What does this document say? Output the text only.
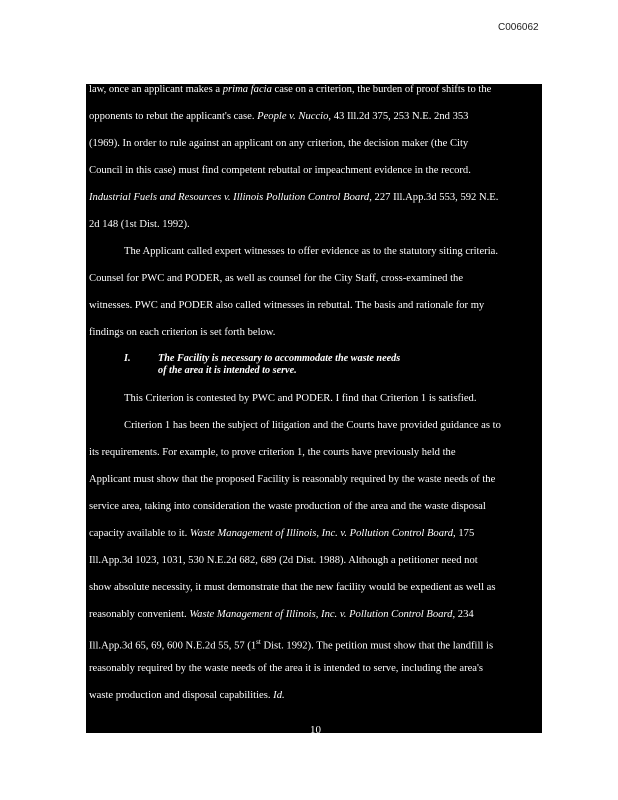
C006062
law, once an applicant makes a prima facia case on a criterion, the burden of proof shifts to the
opponents to rebut the applicant's case. People v. Nuccio, 43 Ill.2d 375, 253 N.E. 2nd 353
(1969). In order to rule against an applicant on any criterion, the decision maker (the City
Council in this case) must find competent rebuttal or impeachment evidence in the record.
Industrial Fuels and Resources v. Illinois Pollution Control Board, 227 Ill.App.3d 553, 592 N.E.
2d 148 (1st Dist. 1992).
The Applicant called expert witnesses to offer evidence as to the statutory siting criteria.
Counsel for PWC and PODER, as well as counsel for the City Staff, cross-examined the
witnesses. PWC and PODER also called witnesses in rebuttal. The basis and rationale for my
findings on each criterion is set forth below.
I.	The Facility is necessary to accommodate the waste needs
of the area it is intended to serve.
This Criterion is contested by PWC and PODER. I find that Criterion 1 is satisfied.
Criterion 1 has been the subject of litigation and the Courts have provided guidance as to
its requirements. For example, to prove criterion 1, the courts have previously held the
Applicant must show that the proposed Facility is reasonably required by the waste needs of the
service area, taking into consideration the waste production of the area and the waste disposal
capacity available to it. Waste Management of Illinois, Inc. v. Pollution Control Board, 175
Ill.App.3d 1023, 1031, 530 N.E.2d 682, 689 (2d Dist. 1988). Although a petitioner need not
show absolute necessity, it must demonstrate that the new facility would be expedient as well as
reasonably convenient. Waste Management of Illinois, Inc. v. Pollution Control Board, 234
Ill.App.3d 65, 69, 600 N.E.2d 55, 57 (1st Dist. 1992). The petition must show that the landfill is
reasonably required by the waste needs of the area it is intended to serve, including the area's
waste production and disposal capabilities. Id.
10
